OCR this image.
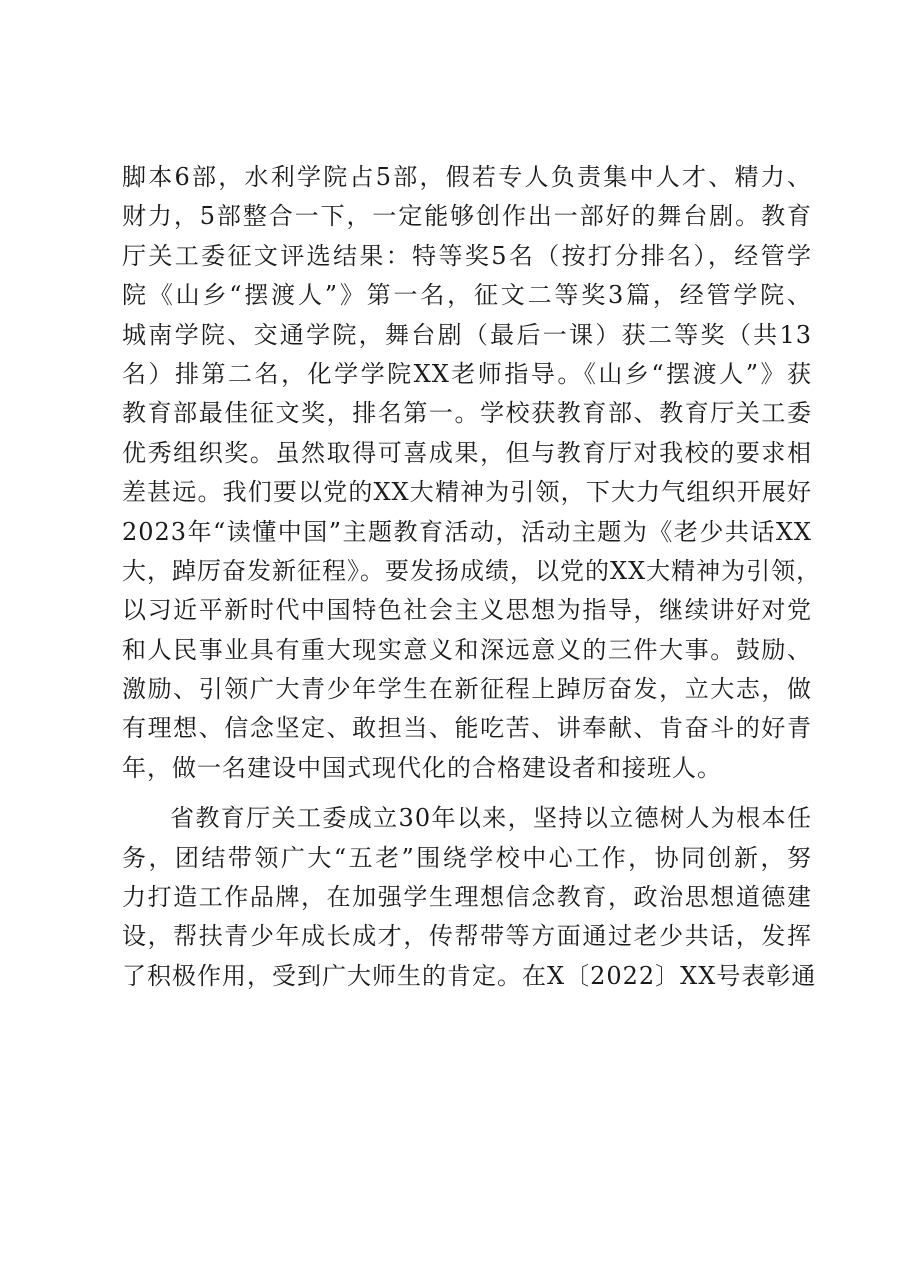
脚本6部，水利学院占5部，假若专人负责集中人才、精力、
财力，5部整合一下，一定能够创作出一部好的舞台剧。教育
厅关工委征文评选结果：特等奖5名（按打分排名），经管学
院《山乡“摆渡人”》第一名，征文二等奖3篇，经管学院、
城南学院、交通学院，舞台剧（最后一课）获二等奖（共13
名）排第二名，化学学院XX老师指导。《山乡“摆渡人”》获
教育部最佳征文奖，排名第一。学校获教育部、教育厅关工委
优秀组织奖。虽然取得可喜成果，但与教育厅对我校的要求相
差甚远。我们要以党的XX大精神为引领，下大力气组织开展好
2023年“读懂中国”主题教育活动，活动主题为《老少共话XX
大，踔厉奋发新征程》。要发扬成绩，以党的XX大精神为引领，
以习近平新时代中国特色社会主义思想为指导，继续讲好对党
和人民事业具有重大现实意义和深远意义的三件大事。鼓励、
激励、引领广大青少年学生在新征程上踔厉奋发，立大志，做
有理想、信念坚定、敢担当、能吃苦、讲奉献、肯奋斗的好青
年，做一名建设中国式现代化的合格建设者和接班人。
省教育厅关工委成立30年以来，坚持以立德树人为根本任
务，团结带领广大“五老”围绕学校中心工作，协同创新，努
力打造工作品牌，在加强学生理想信念教育，政治思想道德建
设，帮扶青少年成长成才，传帮带等方面通过老少共话，发挥
了积极作用，受到广大师生的肯定。在X〔2022〕XX号表彰通
